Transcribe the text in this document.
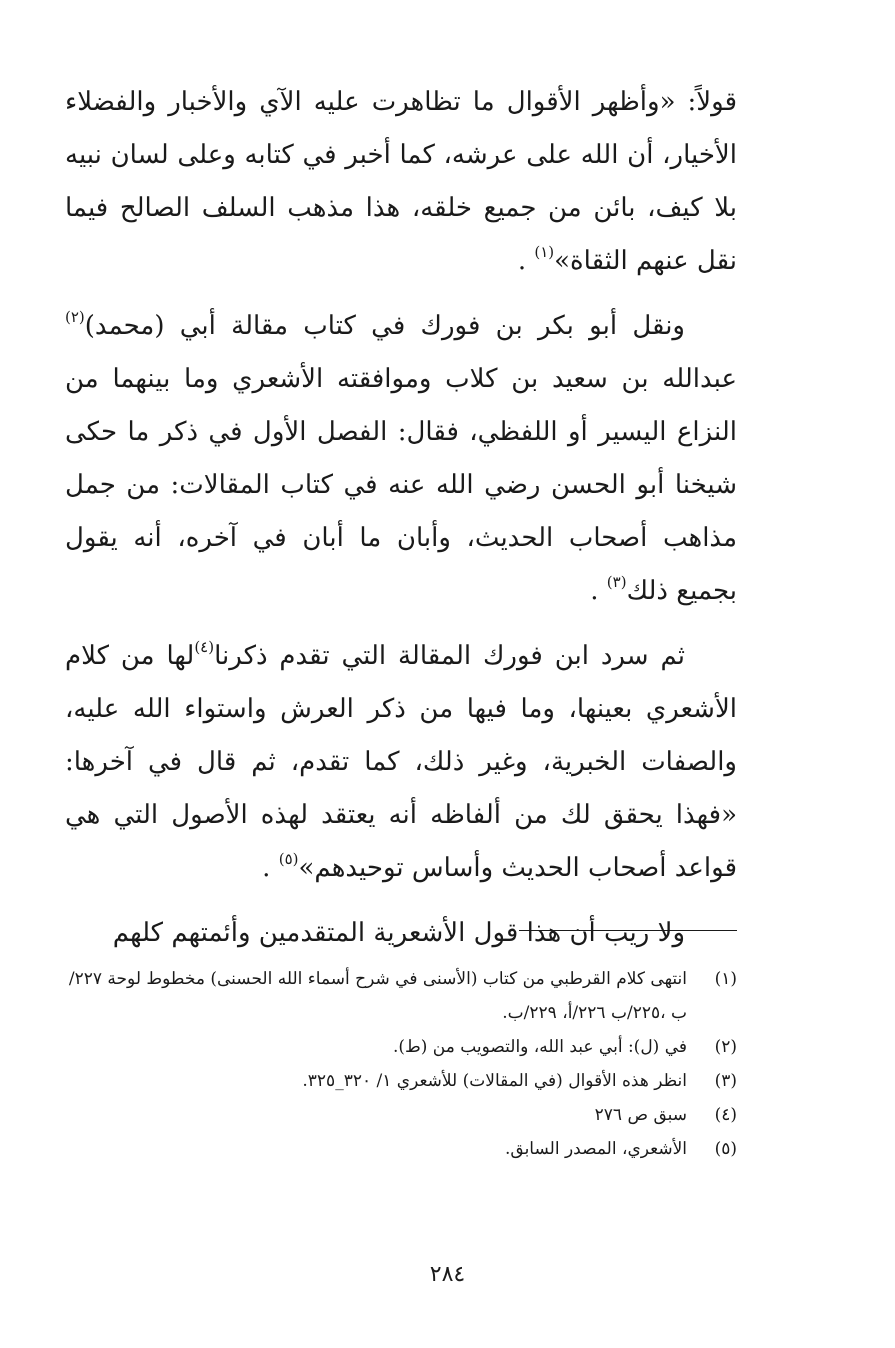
قولاً: «وأظهر الأقوال ما تظاهرت عليه الآي والأخبار والفضلاء الأخيار، أن الله على عرشه، كما أخبر في كتابه وعلى لسان نبيه بلا كيف، بائن من جميع خلقه، هذا مذهب السلف الصالح فيما نقل عنهم الثقاة»$^{(١)}$ .

ونقل أبو بكر بن فورك في كتاب مقالة أبي (محمد)$^{(٢)}$ عبدالله بن سعيد بن كلاب وموافقته الأشعري وما بينهما من النزاع اليسير أو اللفظي، فقال: الفصل الأول في ذكر ما حكى شيخنا أبو الحسن رضي الله عنه في كتاب المقالات: من جمل مذاهب أصحاب الحديث، وأبان ما أبان في آخره، أنه يقول بجميع ذلك$^{(٣)}$ .

ثم سرد ابن فورك المقالة التي تقدم ذكرنا$^{(٤)}$لها من كلام الأشعري بعينها، وما فيها من ذكر العرش واستواء الله عليه، والصفات الخبرية، وغير ذلك، كما تقدم، ثم قال في آخرها: «فهذا يحقق لك من ألفاظه أنه يعتقد لهذه الأصول التي هي قواعد أصحاب الحديث وأساس توحيدهم»$^{(٥)}$ .

ولا ريب أن هذا قول الأشعرية المتقدمين وأئمتهم كلهم

(١)
انتهى كلام القرطبي من كتاب (الأسنى في شرح أسماء الله الحسنى) مخطوط لوحة ٢٢٧/ب ،٢٢٥/ب ٢٢٦/أ، ٢٢٩/ب.
(٢)
في (ل): أبي عبد الله، والتصويب من (ط).
(٣)
انظر هذه الأقوال (في المقالات) للأشعري ١/ ٣٢٠_٣٢٥.
(٤)
سبق ص ٢٧٦
(٥)
الأشعري، المصدر السابق.
٢٨٤
